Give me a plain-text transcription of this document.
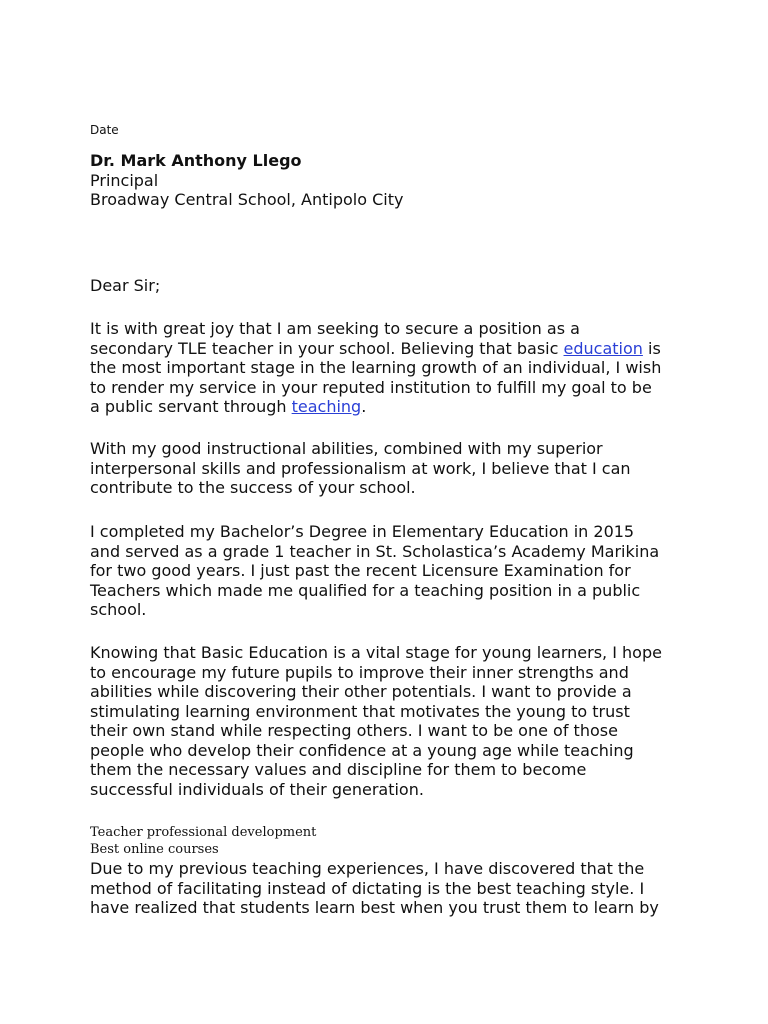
Date
Dr. Mark Anthony Llego
Principal
Broadway Central School, Antipolo City

Dear Sir;

It is with great joy that I am seeking to secure a position as a
secondary TLE teacher in your school. Believing that basic education is
the most important stage in the learning growth of an individual, I wish
to render my service in your reputed institution to fulfill my goal to be
a public servant through teaching.

With my good instructional abilities, combined with my superior
interpersonal skills and professionalism at work, I believe that I can
contribute to the success of your school.

I completed my Bachelor’s Degree in Elementary Education in 2015
and served as a grade 1 teacher in St. Scholastica’s Academy Marikina
for two good years. I just past the recent Licensure Examination for
Teachers which made me qualified for a teaching position in a public
school.

Knowing that Basic Education is a vital stage for young learners, I hope
to encourage my future pupils to improve their inner strengths and
abilities while discovering their other potentials. I want to provide a
stimulating learning environment that motivates the young to trust
their own stand while respecting others. I want to be one of those
people who develop their confidence at a young age while teaching
them the necessary values and discipline for them to become
successful individuals of their generation.

Teacher professional development
Best online courses

Due to my previous teaching experiences, I have discovered that the
method of facilitating instead of dictating is the best teaching style. I
have realized that students learn best when you trust them to learn by
